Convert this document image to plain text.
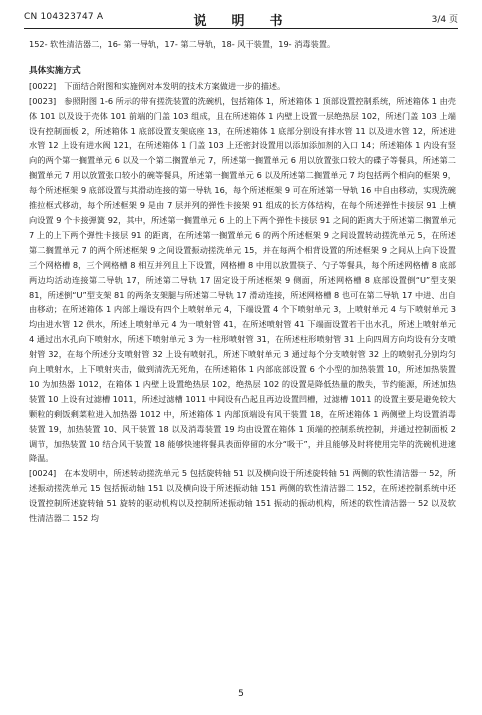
CN 104323747 A	说　明　书	3/4 页

152- 软性清洁器二，16- 第一导轨，17- 第二导轨，18- 风干装置，19- 消毒装置。

具体实施方式

[0022] 下面结合附图和实施例对本发明的技术方案做进一步的描述。

[0023] 参照附图 1-6 所示的带有搓洗装置的洗碗机，包括箱体 1，所述箱体 1 顶部设置控制系统，所述箱体 1 由壳体 101 以及设于壳体 101 前端的门盖 103 组成，且在所述箱体 1 内壁上设置一层绝热层 102，所述门盖 103 上端设有控制面板 2，所述箱体 1 底部设置支架底座 13，在所述箱体 1 底部分别设有排水管 11 以及进水管 12，所述进水管 12 上设有进水阀 121，在所述箱体 1 门盖 103 上还密封设置用以添加添加剂的入口 14；所述箱体 1 内设有竖向的两个第一搁置单元 6 以及一个第二搁置单元 7，所述第一搁置单元 6 用以放置张口较大的碟子等餐具，所述第二搁置单元 7 用以放置张口较小的碗等餐具，所述第一搁置单元 6 以及所述第二搁置单元 7 均包括两个相向的框架 9，每个所述框架 9 底部设置与其滑动连接的第一导轨 16，每个所述框架 9 可在所述第一导轨 16 中自由移动，实现洗碗推拉框式移动，每个所述框架 9 是由 7 层并列的弹性卡接架 91 组成的长方体结构，在每个所述弹性卡接层 91 上横向设置 9 个卡接弹簧 92，其中，所述第一搁置单元 6 上的上下两个弹性卡接层 91 之间的距离大于所述第二搁置单元 7 上的上下两个弹性卡接层 91 的距离，在所述第一搁置单元 6 的两个所述框架 9 之间设置转动搓洗单元 5，在所述第二搁置单元 7 的两个所述框架 9 之间设置振动搓洗单元 15，并在每两个相背设置的所述框架 9 之间从上向下设置三个网格槽 8，三个网格槽 8 相互并列且上下设置，网格槽 8 中用以放置筷子、勺子等餐具，每个所述网格槽 8 底部两边均活动连接第二导轨 17，所述第二导轨 17 固定设于所述框架 9 侧面，所述网格槽 8 底部设置倒“U”型支架 81，所述倒“U”型支架 81 的两条支架腿与所述第二导轨 17 滑动连接，所述网格槽 8 也可在第二导轨 17 中进、出自由移动；在所述箱体 1 内部上端设有四个上喷射单元 4，下端设置 4 个下喷射单元 3，上喷射单元 4 与下喷射单元 3 均由进水管 12 供水，所述上喷射单元 4 为一喷射管 41，在所述喷射管 41 下端面设置若干出水孔，所述上喷射单元 4 通过出水孔向下喷射水，所述下喷射单元 3 为一柱形喷射管 31，在所述柱形喷射管 31 上向四周方向均设有分支喷射管 32，在每个所述分支喷射管 32 上设有喷射孔，所述下喷射单元 3 通过每个分支喷射管 32 上的喷射孔分别均匀向上喷射水，上下喷射夹击，做到清洗无死角，在所述箱体 1 内部底部设置 6 个小型的加热装置 10，所述加热装置 10 为加热器 1012，在箱体 1 内壁上设置绝热层 102，绝热层 102 的设置是降低热量的散失，节约能源，所述加热装置 10 上设有过滤槽 1011，所述过滤槽 1011 中间设有凸起且再边设置凹槽，过滤槽 1011 的设置主要是避免较大颗粒的剩饭剩菜粒进入加热器 1012 中，所述箱体 1 内部顶端设有风干装置 18，在所述箱体 1 两侧壁上均设置消毒装置 19，加热装置 10、风干装置 18 以及消毒装置 19 均由设置在箱体 1 顶端的控制系统控制，并通过控制面板 2 调节，加热装置 10 结合风干装置 18 能够快速将餐具表面停留的水分“吸干”，并且能够及时将使用完毕的洗碗机进速降温。

[0024] 在本发明中，所述转动搓洗单元 5 包括旋转轴 51 以及横向设于所述旋转轴 51 两侧的软性清洁器一 52，所述振动搓洗单元 15 包括振动轴 151 以及横向设于所述振动轴 151 两侧的软性清洁器二 152，在所述控制系统中还设置控制所述旋转轴 51 旋转的驱动机构以及控制所述振动轴 151 振动的振动机构，所述的软性清洁器一 52 以及软性清洁器二 152 均

5
